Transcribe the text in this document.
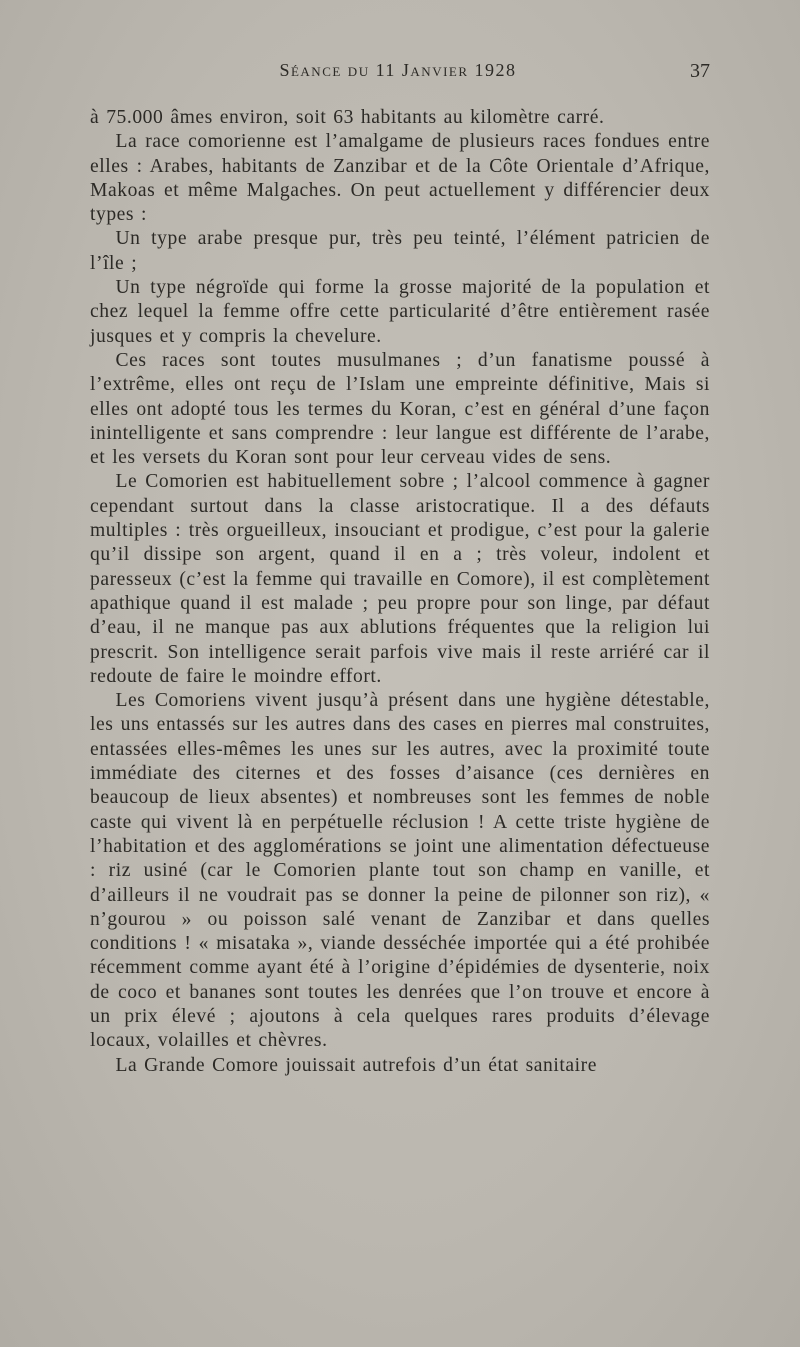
Séance du 11 Janvier 1928	37

à 75.000 âmes environ, soit 63 habitants au kilomètre carré.

La race comorienne est l’amalgame de plusieurs races fondues entre elles : Arabes, habitants de Zanzibar et de la Côte Orientale d’Afrique, Makoas et même Malgaches. On peut actuellement y différencier deux types :

Un type arabe presque pur, très peu teinté, l’élément patricien de l’île ;

Un type négroïde qui forme la grosse majorité de la population et chez lequel la femme offre cette particularité d’être entièrement rasée jusques et y compris la chevelure.

Ces races sont toutes musulmanes ; d’un fanatisme poussé à l’extrême, elles ont reçu de l’Islam une empreinte définitive, Mais si elles ont adopté tous les termes du Koran, c’est en général d’une façon inintelligente et sans comprendre : leur langue est différente de l’arabe, et les versets du Koran sont pour leur cerveau vides de sens.

Le Comorien est habituellement sobre ; l’alcool commence à gagner cependant surtout dans la classe aristocratique. Il a des défauts multiples : très orgueilleux, insouciant et prodigue, c’est pour la galerie qu’il dissipe son argent, quand il en a ; très voleur, indolent et paresseux (c’est la femme qui travaille en Comore), il est complètement apathique quand il est malade ; peu propre pour son linge, par défaut d’eau, il ne manque pas aux ablutions fréquentes que la religion lui prescrit. Son intelligence serait parfois vive mais il reste arriéré car il redoute de faire le moindre effort.

Les Comoriens vivent jusqu’à présent dans une hygiène détestable, les uns entassés sur les autres dans des cases en pierres mal construites, entassées elles-mêmes les unes sur les autres, avec la proximité toute immédiate des citernes et des fosses d’aisance (ces dernières en beaucoup de lieux absentes) et nombreuses sont les femmes de noble caste qui vivent là en perpétuelle réclusion ! A cette triste hygiène de l’habitation et des agglomérations se joint une alimentation défectueuse : riz usiné (car le Comorien plante tout son champ en vanille, et d’ailleurs il ne voudrait pas se donner la peine de pilonner son riz), « n’gourou » ou poisson salé venant de Zanzibar et dans quelles conditions ! « misataka », viande desséchée importée qui a été prohibée récemment comme ayant été à l’origine d’épidémies de dysenterie, noix de coco et bananes sont toutes les denrées que l’on trouve et encore à un prix élevé ; ajoutons à cela quelques rares produits d’élevage locaux, volailles et chèvres.

La Grande Comore jouissait autrefois d’un état sanitaire
